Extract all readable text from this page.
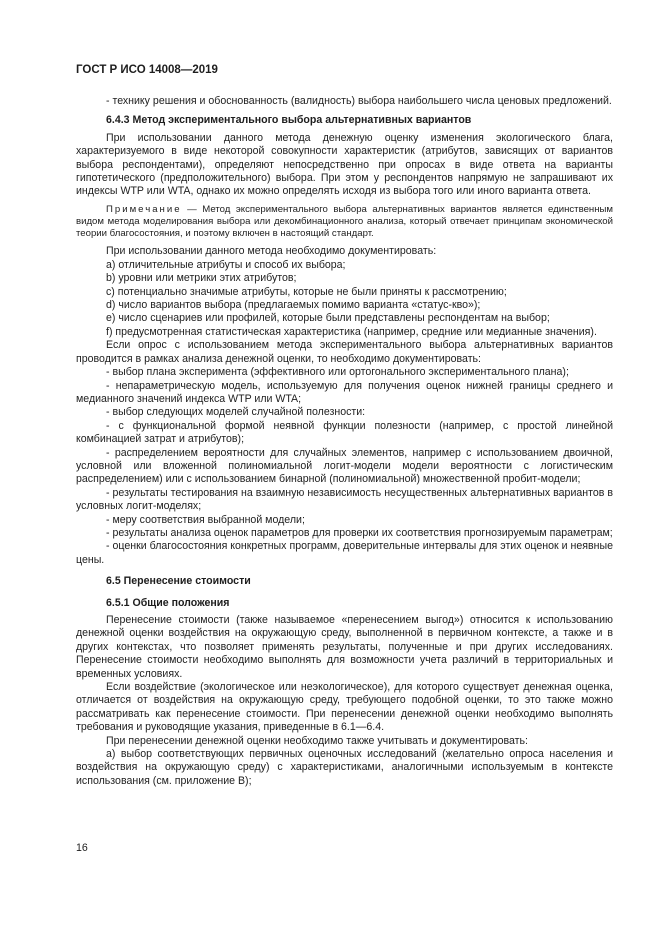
ГОСТ Р ИСО 14008—2019

- технику решения и обоснованность (валидность) выбора наибольшего числа ценовых предложений.

6.4.3 Метод экспериментального выбора альтернативных вариантов

При использовании данного метода денежную оценку изменения экологического блага, характеризуемого в виде некоторой совокупности характеристик (атрибутов, зависящих от вариантов выбора респондентами), определяют непосредственно при опросах в виде ответа на варианты гипотетического (предположительного) выбора. При этом у респондентов напрямую не запрашивают их индексы WTP или WTA, однако их можно определять исходя из выбора того или иного варианта ответа.

Примечание — Метод экспериментального выбора альтернативных вариантов является единственным видом метода моделирования выбора или декомбинационного анализа, который отвечает принципам экономической теории благосостояния, и поэтому включен в настоящий стандарт.

При использовании данного метода необходимо документировать:

a) отличительные атрибуты и способ их выбора;

b) уровни или метрики этих атрибутов;

c) потенциально значимые атрибуты, которые не были приняты к рассмотрению;

d) число вариантов выбора (предлагаемых помимо варианта «статус-кво»);

e) число сценариев или профилей, которые были представлены респондентам на выбор;

f) предусмотренная статистическая характеристика (например, средние или медианные значения).

Если опрос с использованием метода экспериментального выбора альтернативных вариантов проводится в рамках анализа денежной оценки, то необходимо документировать:

- выбор плана эксперимента (эффективного или ортогонального экспериментального плана);

- непараметрическую модель, используемую для получения оценок нижней границы среднего и медианного значений индекса WTP или WTA;

- выбор следующих моделей случайной полезности:

- с функциональной формой неявной функции полезности (например, с простой линейной комбинацией затрат и атрибутов);

- распределением вероятности для случайных элементов, например с использованием двоичной, условной или вложенной полиномиальной логит-модели модели вероятности с логистическим распределением) или с использованием бинарной (полиномиальной) множественной пробит-модели;

- результаты тестирования на взаимную независимость несущественных альтернативных вариантов в условных логит-моделях;

- меру соответствия выбранной модели;

- результаты анализа оценок параметров для проверки их соответствия прогнозируемым параметрам;

- оценки благосостояния конкретных программ, доверительные интервалы для этих оценок и неявные цены.

6.5 Перенесение стоимости
6.5.1 Общие положения

Перенесение стоимости (также называемое «перенесением выгод») относится к использованию денежной оценки воздействия на окружающую среду, выполненной в первичном контексте, а также и в других контекстах, что позволяет применять результаты, полученные и при других исследованиях. Перенесение стоимости необходимо выполнять для возможности учета различий в территориальных и временных условиях.

Если воздействие (экологическое или неэкологическое), для которого существует денежная оценка, отличается от воздействия на окружающую среду, требующего подобной оценки, то это также можно рассматривать как перенесение стоимости. При перенесении денежной оценки необходимо выполнять требования и руководящие указания, приведенные в 6.1—6.4.

При перенесении денежной оценки необходимо также учитывать и документировать:

a) выбор соответствующих первичных оценочных исследований (желательно опроса населения и воздействия на окружающую среду) с характеристиками, аналогичными используемым в контексте использования (см. приложение В);

16
